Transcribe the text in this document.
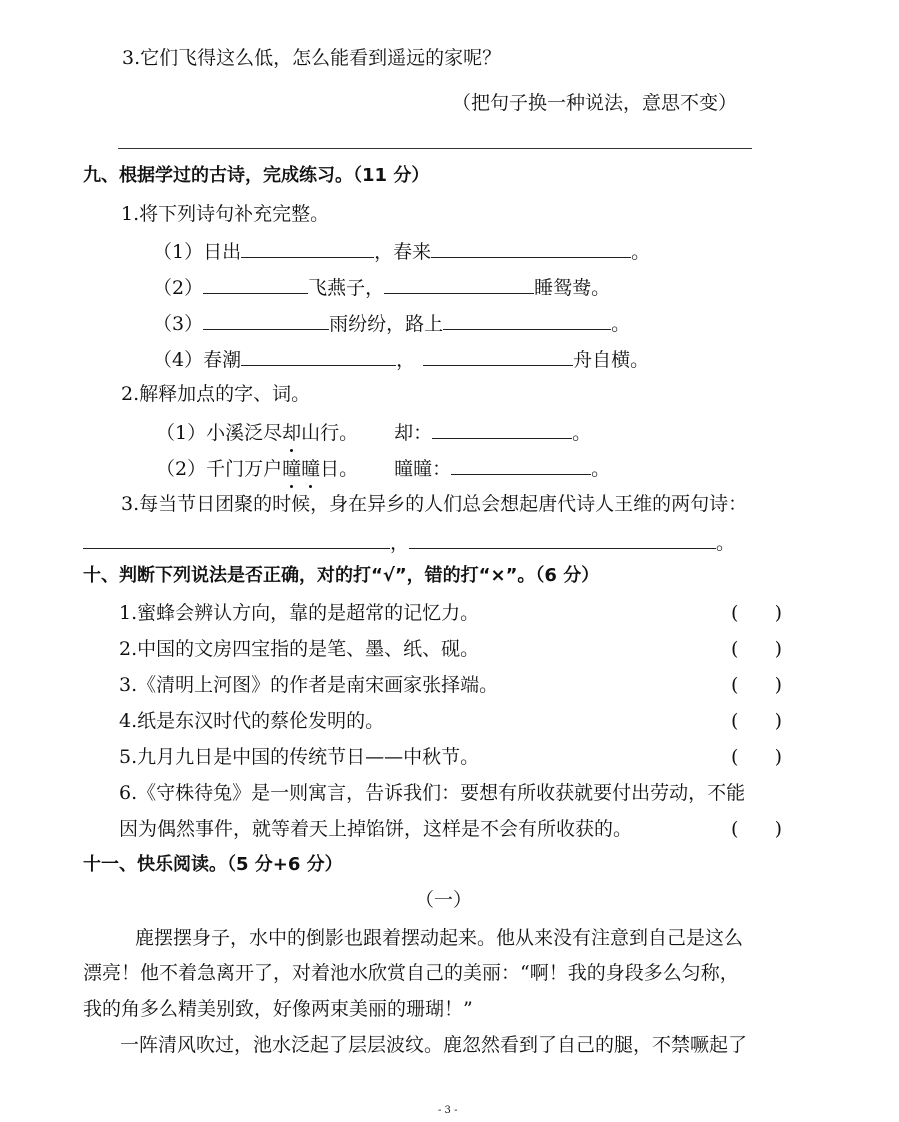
3.它们飞得这么低，怎么能看到遥远的家呢？
（把句子换一种说法，意思不变）
九、根据学过的古诗，完成练习。（11 分）
1.将下列诗句补充完整。
（1）日出	，春来	。
（2）	飞燕子，	睡鸳鸯。
（3）	雨纷纷，路上	。
（4）春潮	，	舟自横。
2.解释加点的字、词。
（1）小溪泛尽却山行。 却：	。
（2）千门万户曈曈日。 曈曈：	。
3.每当节日团聚的时候，身在异乡的人们总会想起唐代诗人王维的两句诗：
，	。
十、判断下列说法是否正确，对的打“√”，错的打“×”。（6 分）
1.蜜蜂会辨认方向，靠的是超常的记忆力。	(      )
2.中国的文房四宝指的是笔、墨、纸、砚。	(      )
3.《清明上河图》的作者是南宋画家张择端。	(      )
4.纸是东汉时代的蔡伦发明的。	(      )
5.九月九日是中国的传统节日——中秋节。	(      )
6.《守株待兔》是一则寓言，告诉我们：要想有所收获就要付出劳动，不能
因为偶然事件，就等着天上掉馅饼，这样是不会有所收获的。	(      )
十一、快乐阅读。（5 分+6 分）
（一）
鹿摆摆身子，水中的倒影也跟着摆动起来。他从来没有注意到自己是这么
漂亮！他不着急离开了，对着池水欣赏自己的美丽：“啊！我的身段多么匀称，
我的角多么精美别致，好像两束美丽的珊瑚！”
一阵清风吹过，池水泛起了层层波纹。鹿忽然看到了自己的腿，不禁噘起了
- 3 -
